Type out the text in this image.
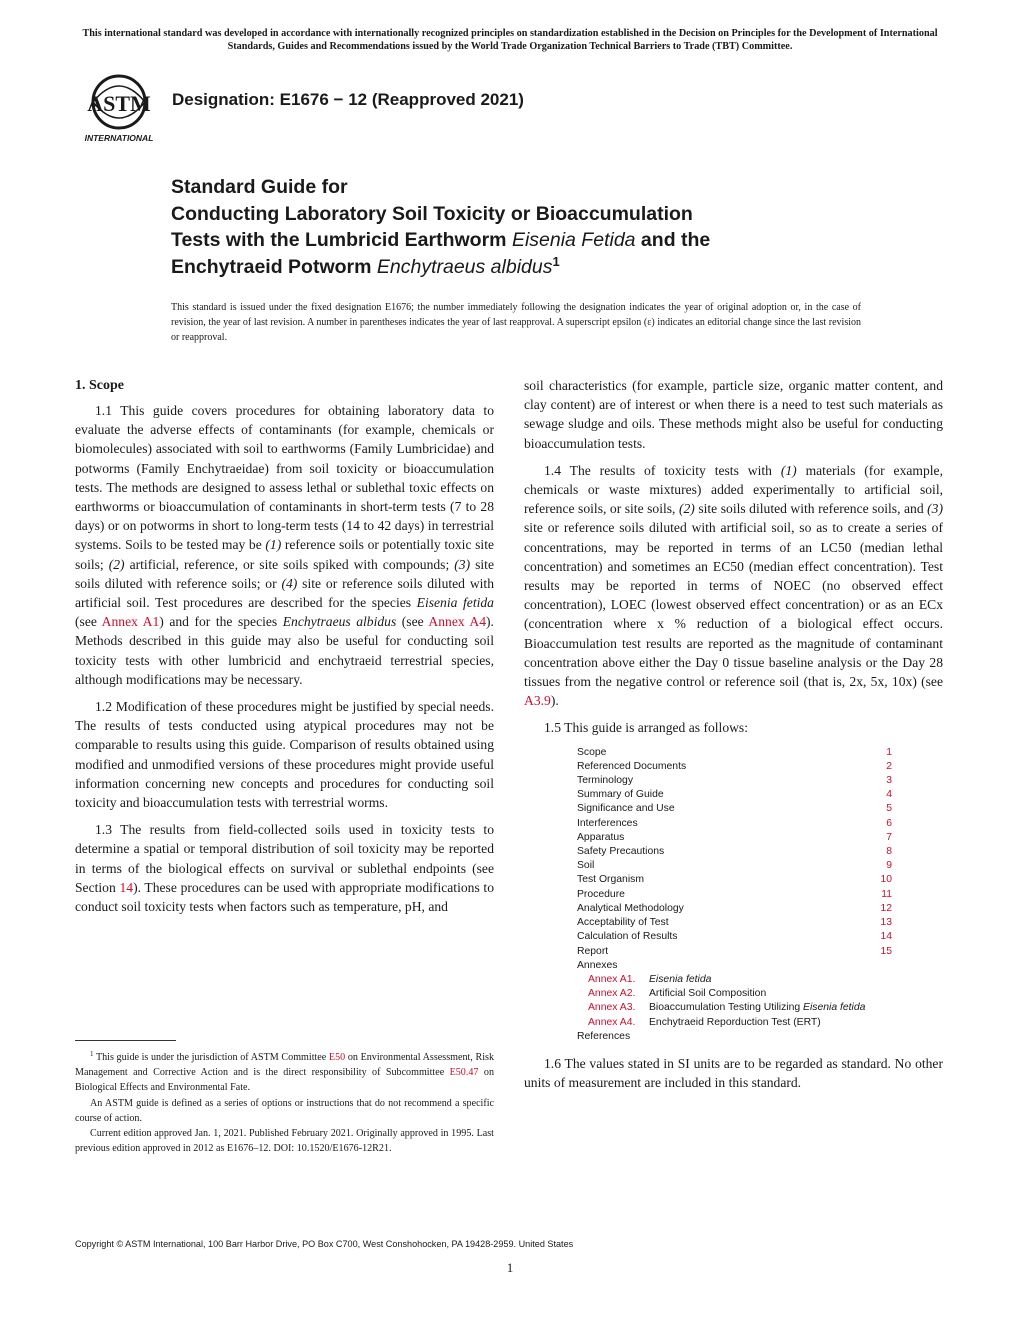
This international standard was developed in accordance with internationally recognized principles on standardization established in the Decision on Principles for the Development of International Standards, Guides and Recommendations issued by the World Trade Organization Technical Barriers to Trade (TBT) Committee.
ASTM
INTERNATIONAL
Designation: E1676 − 12 (Reapproved 2021)
Standard Guide for
Conducting Laboratory Soil Toxicity or Bioaccumulation
Tests with the Lumbricid Earthworm Eisenia Fetida and the
Enchytraeid Potworm Enchytraeus albidus$^1$
This standard is issued under the fixed designation E1676; the number immediately following the designation indicates the year of original adoption or, in the case of revision, the year of last revision. A number in parentheses indicates the year of last reapproval. A superscript epsilon (ε) indicates an editorial change since the last revision or reapproval.
1. Scope

1.1 This guide covers procedures for obtaining laboratory data to evaluate the adverse effects of contaminants (for example, chemicals or biomolecules) associated with soil to earthworms (Family Lumbricidae) and potworms (Family Enchytraeidae) from soil toxicity or bioaccumulation tests. The methods are designed to assess lethal or sublethal toxic effects on earthworms or bioaccumulation of contaminants in short-term tests (7 to 28 days) or on potworms in short to long-term tests (14 to 42 days) in terrestrial systems. Soils to be tested may be (1) reference soils or potentially toxic site soils; (2) artificial, reference, or site soils spiked with compounds; (3) site soils diluted with reference soils; or (4) site or reference soils diluted with artificial soil. Test procedures are described for the species Eisenia fetida (see Annex A1) and for the species Enchytraeus albidus (see Annex A4). Methods described in this guide may also be useful for conducting soil toxicity tests with other lumbricid and enchytraeid terrestrial species, although modifications may be necessary.

1.2 Modification of these procedures might be justified by special needs. The results of tests conducted using atypical procedures may not be comparable to results using this guide. Comparison of results obtained using modified and unmodified versions of these procedures might provide useful information concerning new concepts and procedures for conducting soil toxicity and bioaccumulation tests with terrestrial worms.

1.3 The results from field-collected soils used in toxicity tests to determine a spatial or temporal distribution of soil toxicity may be reported in terms of the biological effects on survival or sublethal endpoints (see Section 14). These procedures can be used with appropriate modifications to conduct soil toxicity tests when factors such as temperature, pH, and

soil characteristics (for example, particle size, organic matter content, and clay content) are of interest or when there is a need to test such materials as sewage sludge and oils. These methods might also be useful for conducting bioaccumulation tests.

1.4 The results of toxicity tests with (1) materials (for example, chemicals or waste mixtures) added experimentally to artificial soil, reference soils, or site soils, (2) site soils diluted with reference soils, and (3) site or reference soils diluted with artificial soil, so as to create a series of concentrations, may be reported in terms of an LC50 (median lethal concentration) and sometimes an EC50 (median effect concentration). Test results may be reported in terms of NOEC (no observed effect concentration), LOEC (lowest observed effect concentration) or as an ECx (concentration where x % reduction of a biological effect occurs. Bioaccumulation test results are reported as the magnitude of contaminant concentration above either the Day 0 tissue baseline analysis or the Day 28 tissues from the negative control or reference soil (that is, 2x, 5x, 10x) (see A3.9).

1.5 This guide is arranged as follows:

Scope	1
Referenced Documents	2
Terminology	3
Summary of Guide	4
Significance and Use	5
Interferences	6
Apparatus	7
Safety Precautions	8
Soil	9
Test Organism	10
Procedure	11
Analytical Methodology	12
Acceptability of Test	13
Calculation of Results	14
Report	15
Annexes
Annex A1. Eisenia fetida
Annex A2. Artificial Soil Composition
Annex A3. Bioaccumulation Testing Utilizing Eisenia fetida
Annex A4. Enchytraeid Reporduction Test (ERT)
References

1.6 The values stated in SI units are to be regarded as standard. No other units of measurement are included in this standard.

$^1$ This guide is under the jurisdiction of ASTM Committee E50 on Environmental Assessment, Risk Management and Corrective Action and is the direct responsibility of Subcommittee E50.47 on Biological Effects and Environmental Fate.

An ASTM guide is defined as a series of options or instructions that do not recommend a specific course of action.

Current edition approved Jan. 1, 2021. Published February 2021. Originally approved in 1995. Last previous edition approved in 2012 as E1676–12. DOI: 10.1520/E1676-12R21.

Copyright © ASTM International, 100 Barr Harbor Drive, PO Box C700, West Conshohocken, PA 19428-2959. United States
1
